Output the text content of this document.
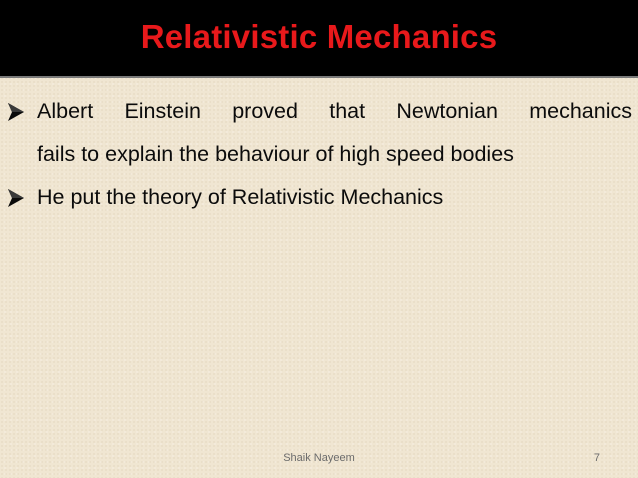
Relativistic Mechanics
Albert Einstein proved that Newtonian mechanics
fails to explain the behaviour of high speed bodies
He put the theory of Relativistic Mechanics
Shaik Nayeem	7
